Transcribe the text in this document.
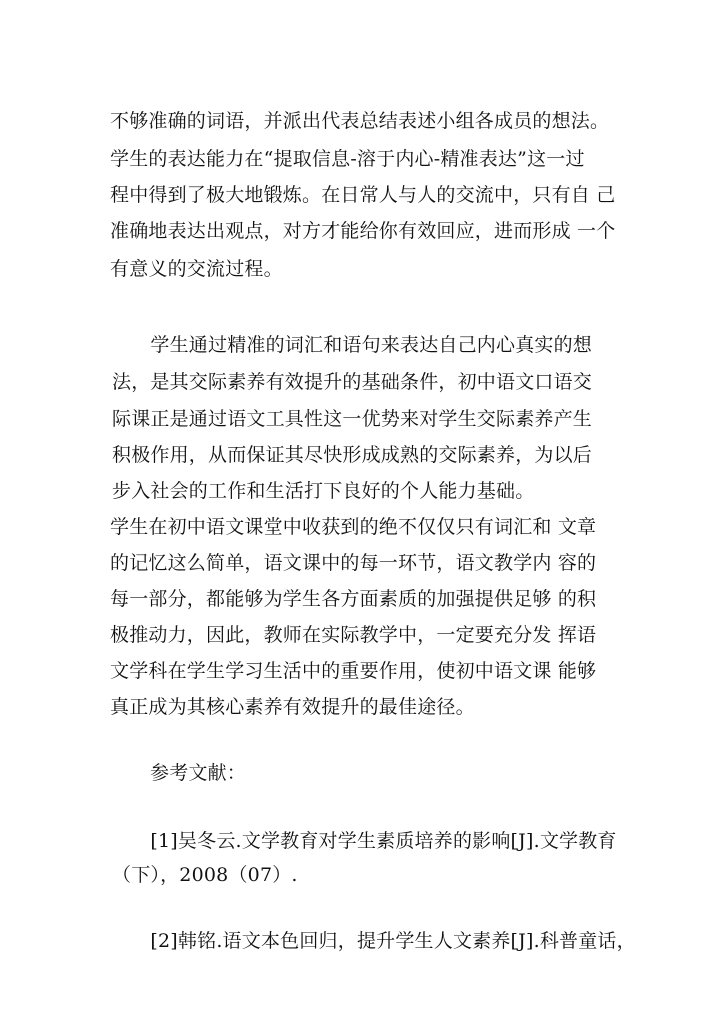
不够准确的词语，并派出代表总结表述小组各成员的想法。
学生的表达能力在“提取信息-溶于内心-精准表达”这一过
程中得到了极大地锻炼。在日常人与人的交流中，只有自 己
准确地表达出观点，对方才能给你有效回应，进而形成 一个
有意义的交流过程。
　　学生通过精准的词汇和语句来表达自己内心真实的想
法，是其交际素养有效提升的基础条件，初中语文口语交
际课正是通过语文工具性这一优势来对学生交际素养产生
积极作用，从而保证其尽快形成成熟的交际素养，为以后
步入社会的工作和生活打下良好的个人能力基础。
学生在初中语文课堂中收获到的绝不仅仅只有词汇和 文章
的记忆这么简单，语文课中的每一环节，语文教学内 容的
每一部分，都能够为学生各方面素质的加强提供足够 的积
极推动力，因此，教师在实际教学中，一定要充分发 挥语
文学科在学生学习生活中的重要作用，使初中语文课 能够
真正成为其核心素养有效提升的最佳途径。
参考文献：
　　[1]吴冬云.文学教育对学生素质培养的影响[J].文学教育
（下），2008（07）.
　　[2]韩铭.语文本色回归，提升学生人文素养[J].科普童话，
